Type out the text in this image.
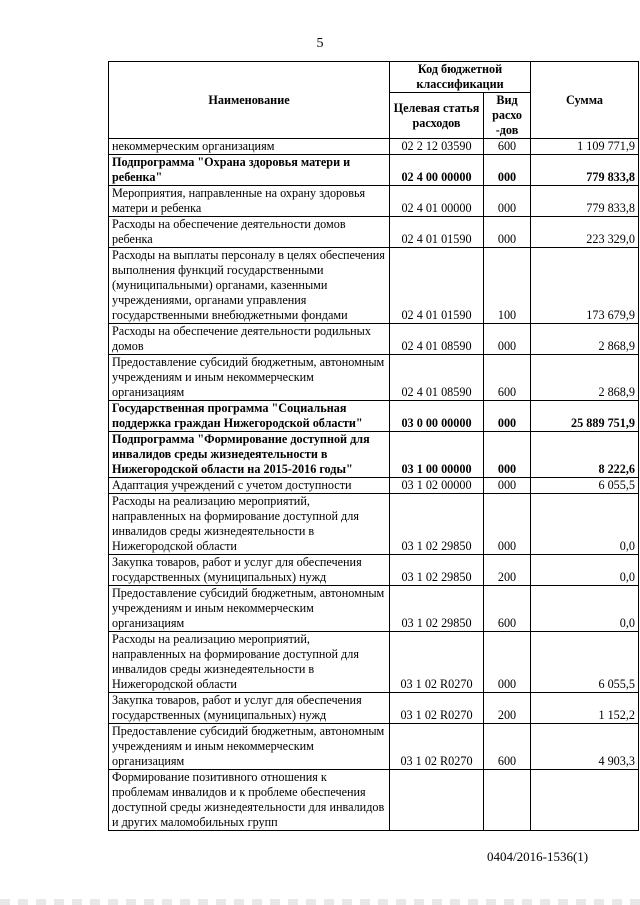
5
Наименование	Код бюджетной классификации		Сумма
	Целевая статья расходов	Вид расхо -дов	
некоммерческим организациям	02 2 12 03590	600	1 109 771,9
Подпрограмма "Охрана здоровья матери и ребенка"	02 4 00 00000	000	779 833,8
Мероприятия, направленные на охрану здоровья матери и ребенка	02 4 01 00000	000	779 833,8
Расходы на обеспечение деятельности домов ребенка	02 4 01 01590	000	223 329,0
Расходы на выплаты персоналу в целях обеспечения выполнения функций государственными (муниципальными) органами, казенными учреждениями, органами управления государственными внебюджетными фондами	02 4 01 01590	100	173 679,9
Расходы на обеспечение деятельности родильных домов	02 4 01 08590	000	2 868,9
Предоставление субсидий бюджетным, автономным учреждениям и иным некоммерческим организациям	02 4 01 08590	600	2 868,9
Государственная программа "Социальная поддержка граждан Нижегородской области"	03 0 00 00000	000	25 889 751,9
Подпрограмма "Формирование доступной для инвалидов среды жизнедеятельности в Нижегородской области на 2015-2016 годы"	03 1 00 00000	000	8 222,6
Адаптация учреждений с учетом доступности	03 1 02 00000	000	6 055,5
Расходы на реализацию мероприятий, направленных на формирование доступной для инвалидов среды жизнедеятельности в Нижегородской области	03 1 02 29850	000	0,0
Закупка товаров, работ и услуг для обеспечения государственных (муниципальных) нужд	03 1 02 29850	200	0,0
Предоставление субсидий бюджетным, автономным учреждениям и иным некоммерческим организациям	03 1 02 29850	600	0,0
Расходы на реализацию мероприятий, направленных на формирование доступной для инвалидов среды жизнедеятельности в Нижегородской области	03 1 02 R0270	000	6 055,5
Закупка товаров, работ и услуг для обеспечения государственных (муниципальных) нужд	03 1 02 R0270	200	1 152,2
Предоставление субсидий бюджетным, автономным учреждениям и иным некоммерческим организациям	03 1 02 R0270	600	4 903,3
Формирование позитивного отношения к проблемам инвалидов и к проблеме обеспечения доступной среды жизнедеятельности для инвалидов и других маломобильных групп			
0404/2016-1536(1)
